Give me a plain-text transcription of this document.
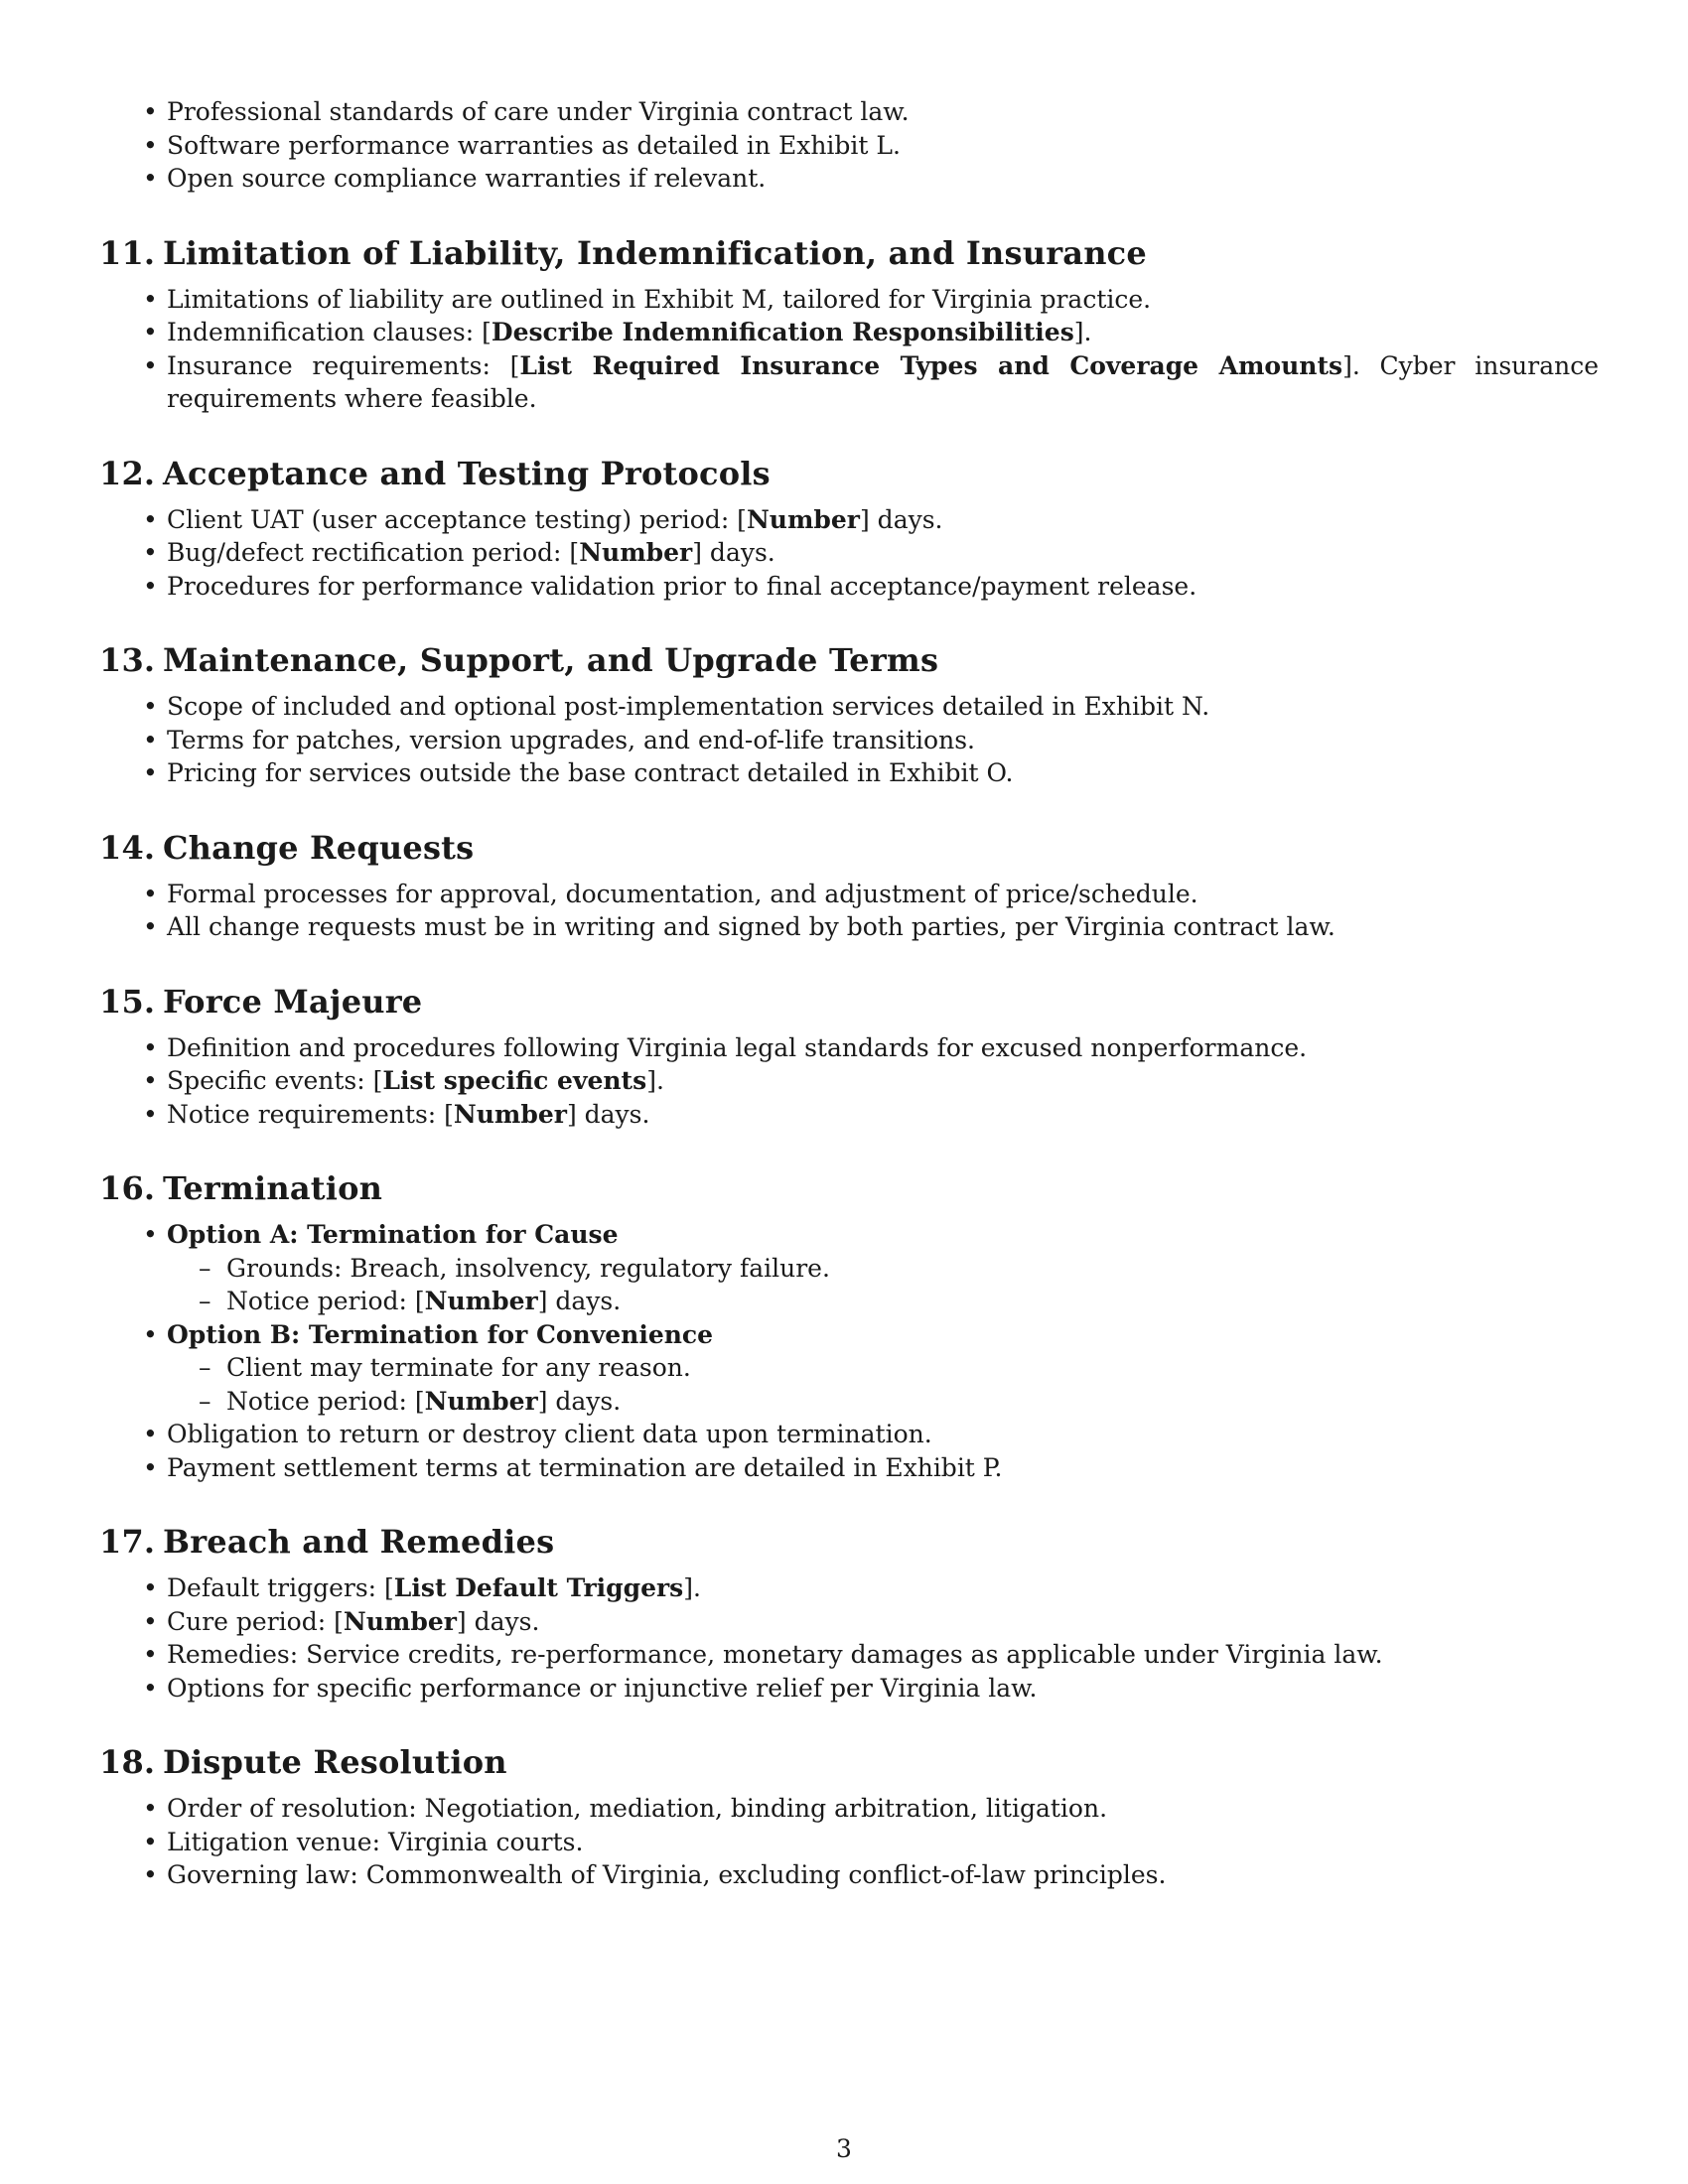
• Professional standards of care under Virginia contract law.
• Software performance warranties as detailed in Exhibit L.
• Open source compliance warranties if relevant.
11. Limitation of Liability, Indemnification, and Insurance
• Limitations of liability are outlined in Exhibit M, tailored for Virginia practice.
• Indemnification clauses: [Describe Indemnification Responsibilities].
• Insurance requirements: [List Required Insurance Types and Coverage Amounts]. Cyber insurance requirements where feasible.
12. Acceptance and Testing Protocols
• Client UAT (user acceptance testing) period: [Number] days.
• Bug/defect rectification period: [Number] days.
• Procedures for performance validation prior to final acceptance/payment release.
13. Maintenance, Support, and Upgrade Terms
• Scope of included and optional post-implementation services detailed in Exhibit N.
• Terms for patches, version upgrades, and end-of-life transitions.
• Pricing for services outside the base contract detailed in Exhibit O.
14. Change Requests
• Formal processes for approval, documentation, and adjustment of price/schedule.
• All change requests must be in writing and signed by both parties, per Virginia contract law.
15. Force Majeure
• Definition and procedures following Virginia legal standards for excused nonperformance.
• Specific events: [List specific events].
• Notice requirements: [Number] days.
16. Termination
• Option A: Termination for Cause
– Grounds: Breach, insolvency, regulatory failure.
– Notice period: [Number] days.
• Option B: Termination for Convenience
– Client may terminate for any reason.
– Notice period: [Number] days.
• Obligation to return or destroy client data upon termination.
• Payment settlement terms at termination are detailed in Exhibit P.
17. Breach and Remedies
• Default triggers: [List Default Triggers].
• Cure period: [Number] days.
• Remedies: Service credits, re-performance, monetary damages as applicable under Virginia law.
• Options for specific performance or injunctive relief per Virginia law.
18. Dispute Resolution
• Order of resolution: Negotiation, mediation, binding arbitration, litigation.
• Litigation venue: Virginia courts.
• Governing law: Commonwealth of Virginia, excluding conflict-of-law principles.
3
